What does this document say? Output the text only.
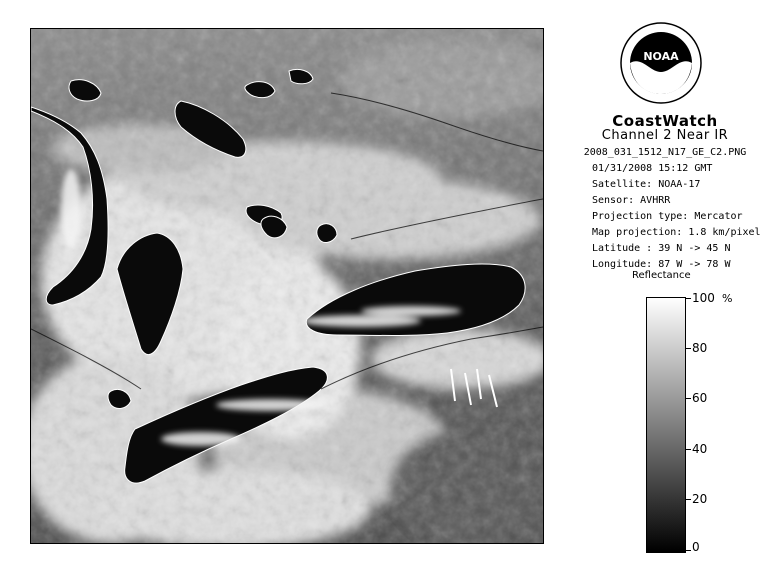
NOAA
CoastWatch
Channel 2 Near IR
2008_031_1512_N17_GE_C2.PNG
01/31/2008 15:12 GMT
Satellite: NOAA-17
Sensor: AVHRR
Projection type: Mercator
Map projection: 1.8 km/pixel
Latitude : 39 N -> 45 N
Longitude: 87 W -> 78 W
Reflectance
%
100
80
60
40
20
0
